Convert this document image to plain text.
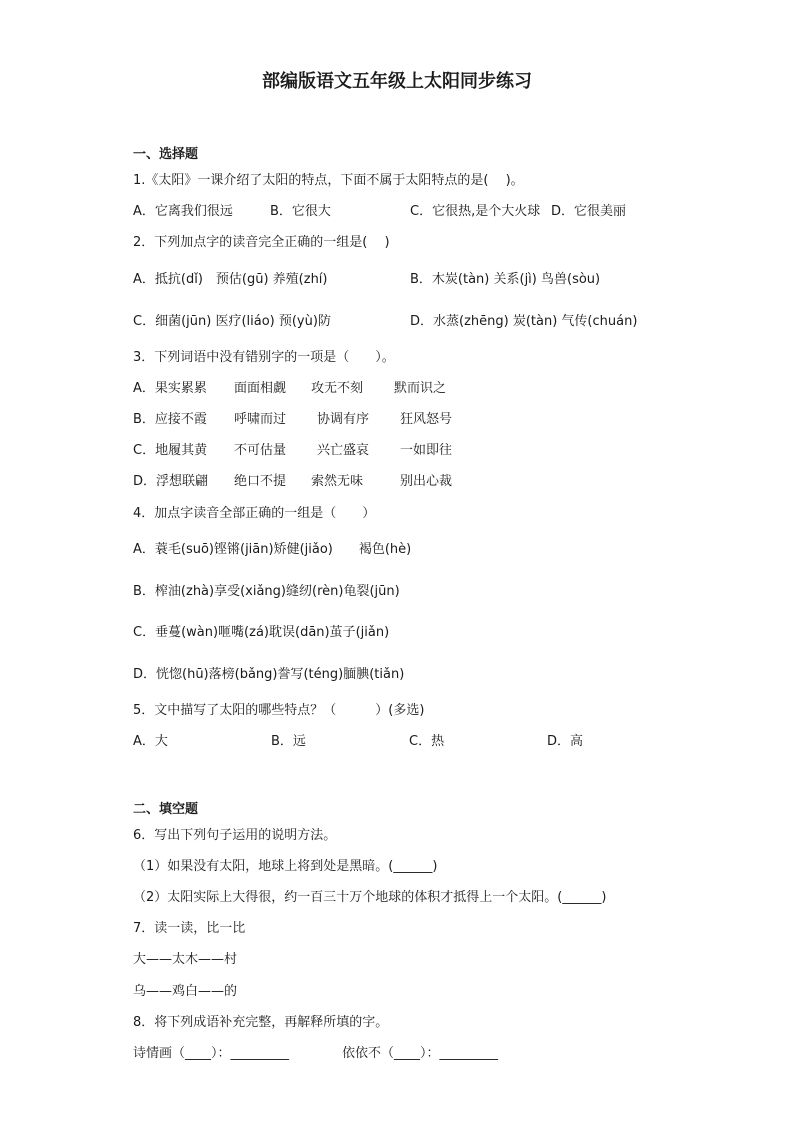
部编版语文五年级上太阳同步练习
一、选择题
1.《太阳》一课介绍了太阳的特点，下面不属于太阳特点的是(　 )。
A．它离我们很远	B．它很大	C．它很热,是个大火球 D．它很美丽
2．下列加点字的读音完全正确的一组是(　 )
A．抵抗(dǐ)　预估(gū) 养殖(zhí)	B．木炭(tàn) 关系(jì) 鸟兽(sòu)
C．细菌(jūn) 医疗(liáo) 预(yù)防	D．水蒸(zhēng) 炭(tàn) 气传(chuán)
3．下列词语中没有错别字的一项是（　　）。
A．果实累累 面面相觑 攻无不刻 默而识之
B．应接不霞 呼啸而过 协调有序 狂风怒号
C．地履其黄 不可估量 兴亡盛哀 一如即往
D．浮想联翩 绝口不提 索然无味	别出心裁
4．加点字读音全部正确的一组是（　　）
A．蓑毛(suō)铿锵(jiān)矫健(jiǎo)　　褐色(hè)
B．榨油(zhà)享受(xiǎng)缝纫(rèn)龟裂(jūn)
C．垂蔓(wàn)咂嘴(zá)耽误(dān)茧子(jiǎn)
D．恍惚(hū)落榜(bǎng)誊写(téng)腼腆(tiǎn)
5．文中描写了太阳的哪些特点？（　　　）(多选)
A．大	B．远	C．热	D．高
二、填空题
6．写出下列句子运用的说明方法。
（1）如果没有太阳，地球上将到处是黑暗。(______)
（2）太阳实际上大得很，约一百三十万个地球的体积才抵得上一个太阳。(______)
7．读一读，比一比
大——太木——村
乌——鸡白——的
8．将下列成语补充完整，再解释所填的字。
诗情画（____）：_________	依依不（____）：_________
